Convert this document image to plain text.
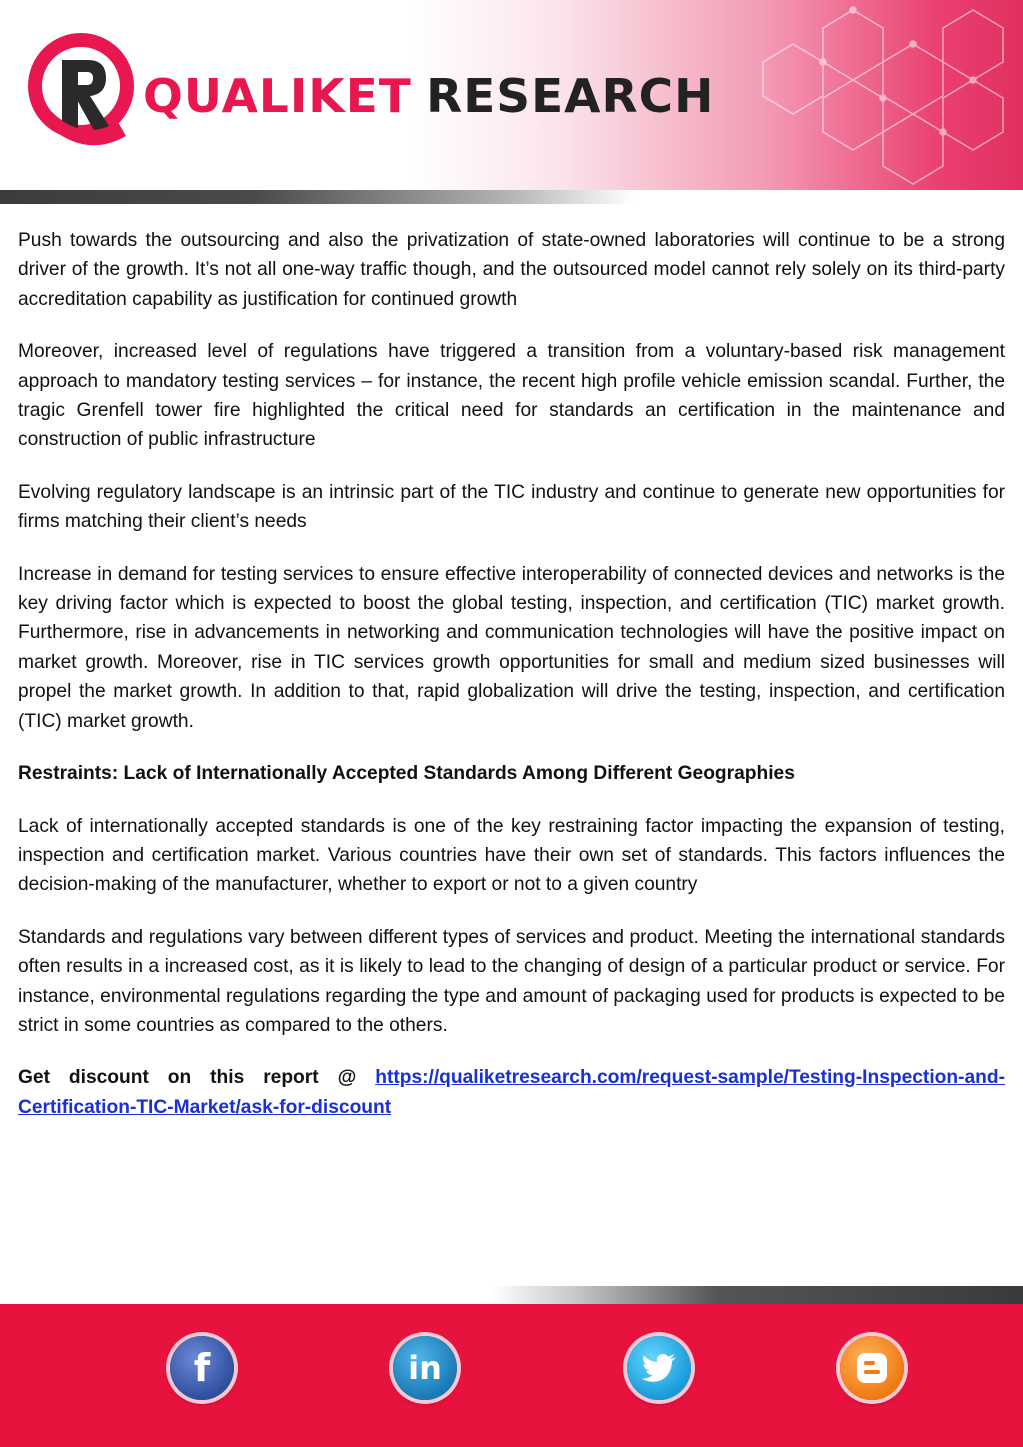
QUALIKET RESEARCH

Push towards the outsourcing and also the privatization of state-owned laboratories will continue to be a strong driver of the growth. It’s not all one-way traffic though, and the outsourced model cannot rely solely on its third-party accreditation capability as justification for continued growth

Moreover, increased level of regulations have triggered a transition from a voluntary-based risk management approach to mandatory testing services – for instance, the recent high profile vehicle emission scandal. Further, the tragic Grenfell tower fire highlighted the critical need for standards an certification in the maintenance and construction of public infrastructure

Evolving regulatory landscape is an intrinsic part of the TIC industry and continue to generate new opportunities for firms matching their client’s needs

Increase in demand for testing services to ensure effective interoperability of connected devices and networks is the key driving factor which is expected to boost the global testing, inspection, and certification (TIC) market growth. Furthermore, rise in advancements in networking and communication technologies will have the positive impact on market growth. Moreover, rise in TIC services growth opportunities for small and medium sized businesses will propel the market growth. In addition to that, rapid globalization will drive the testing, inspection, and certification (TIC) market growth.

Restraints: Lack of Internationally Accepted Standards Among Different Geographies

Lack of internationally accepted standards is one of the key restraining factor impacting the expansion of testing, inspection and certification market. Various countries have their own set of standards. This factors influences the decision-making of the manufacturer, whether to export or not to a given country

Standards and regulations vary between different types of services and product. Meeting the international standards often results in a increased cost, as it is likely to lead to the changing of design of a particular product or service. For instance, environmental regulations regarding the type and amount of packaging used for products is expected to be strict in some countries as compared to the others.

Get discount on this report @ https://qualiketresearch.com/request-sample/Testing-Inspection-and-Certification-TIC-Market/ask-for-discount

f	in
